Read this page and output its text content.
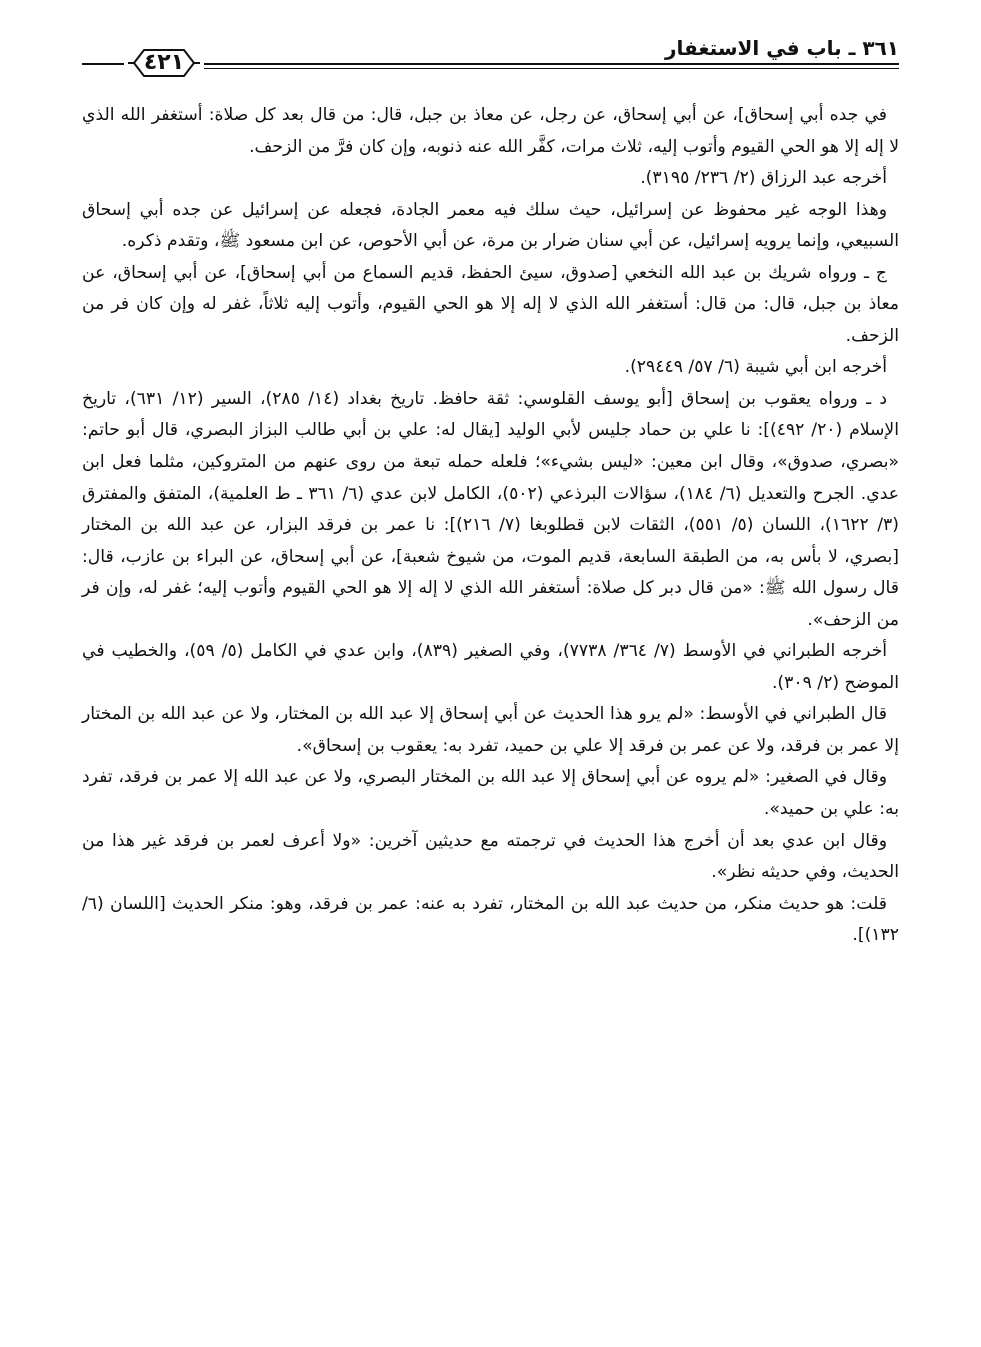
٣٦١ ـ باب في الاستغفار
٤٢١

في جده أبي إسحاق]، عن أبي إسحاق، عن رجل، عن معاذ بن جبل، قال: من قال بعد كل صلاة: أستغفر الله الذي لا إله إلا هو الحي القيوم وأتوب إليه، ثلاث مرات، كفَّر الله عنه ذنوبه، وإن كان فرَّ من الزحف.

أخرجه عبد الرزاق (٢/ ٢٣٦/ ٣١٩٥).

وهذا الوجه غير محفوظ عن إسرائيل، حيث سلك فيه معمر الجادة، فجعله عن إسرائيل عن جده أبي إسحاق السبيعي، وإنما يرويه إسرائيل، عن أبي سنان ضرار بن مرة، عن أبي الأحوص، عن ابن مسعود ﷺ، وتقدم ذكره.

ج ـ ورواه شريك بن عبد الله النخعي [صدوق، سيئ الحفظ، قديم السماع من أبي إسحاق]، عن أبي إسحاق، عن معاذ بن جبل، قال: من قال: أستغفر الله الذي لا إله إلا هو الحي القيوم، وأتوب إليه ثلاثاً، غفر له وإن كان فر من الزحف.

أخرجه ابن أبي شيبة (٦/ ٥٧/ ٢٩٤٤٩).

د ـ ورواه يعقوب بن إسحاق [أبو يوسف القلوسي: ثقة حافظ. تاريخ بغداد (١٤/ ٢٨٥)، السير (١٢/ ٦٣١)، تاريخ الإسلام (٢٠/ ٤٩٢)]: نا علي بن حماد جليس لأبي الوليد [يقال له: علي بن أبي طالب البزاز البصري، قال أبو حاتم: «بصري، صدوق»، وقال ابن معين: «ليس بشيء»؛ فلعله حمله تبعة من روى عنهم من المتروكين، مثلما فعل ابن عدي. الجرح والتعديل (٦/ ١٨٤)، سؤالات البرذعي (٥٠٢)، الكامل لابن عدي (٦/ ٣٦١ ـ ط العلمية)، المتفق والمفترق (٣/ ١٦٢٢)، اللسان (٥/ ٥٥١)، الثقات لابن قطلوبغا (٧/ ٢١٦)]: نا عمر بن فرقد البزار، عن عبد الله بن المختار [بصري، لا بأس به، من الطبقة السابعة، قديم الموت، من شيوخ شعبة]، عن أبي إسحاق، عن البراء بن عازب، قال: قال رسول الله ﷺ: «من قال دبر كل صلاة: أستغفر الله الذي لا إله إلا هو الحي القيوم وأتوب إليه؛ غفر له، وإن فر من الزحف».

أخرجه الطبراني في الأوسط (٧/ ٣٦٤/ ٧٧٣٨)، وفي الصغير (٨٣٩)، وابن عدي في الكامل (٥/ ٥٩)، والخطيب في الموضح (٢/ ٣٠٩).

قال الطبراني في الأوسط: «لم يرو هذا الحديث عن أبي إسحاق إلا عبد الله بن المختار، ولا عن عبد الله بن المختار إلا عمر بن فرقد، ولا عن عمر بن فرقد إلا علي بن حميد، تفرد به: يعقوب بن إسحاق».

وقال في الصغير: «لم يروه عن أبي إسحاق إلا عبد الله بن المختار البصري، ولا عن عبد الله إلا عمر بن فرقد، تفرد به: علي بن حميد».

وقال ابن عدي بعد أن أخرج هذا الحديث في ترجمته مع حديثين آخرين: «ولا أعرف لعمر بن فرقد غير هذا من الحديث، وفي حديثه نظر».

قلت: هو حديث منكر، من حديث عبد الله بن المختار، تفرد به عنه: عمر بن فرقد، وهو: منكر الحديث [اللسان (٦/ ١٣٢)].
